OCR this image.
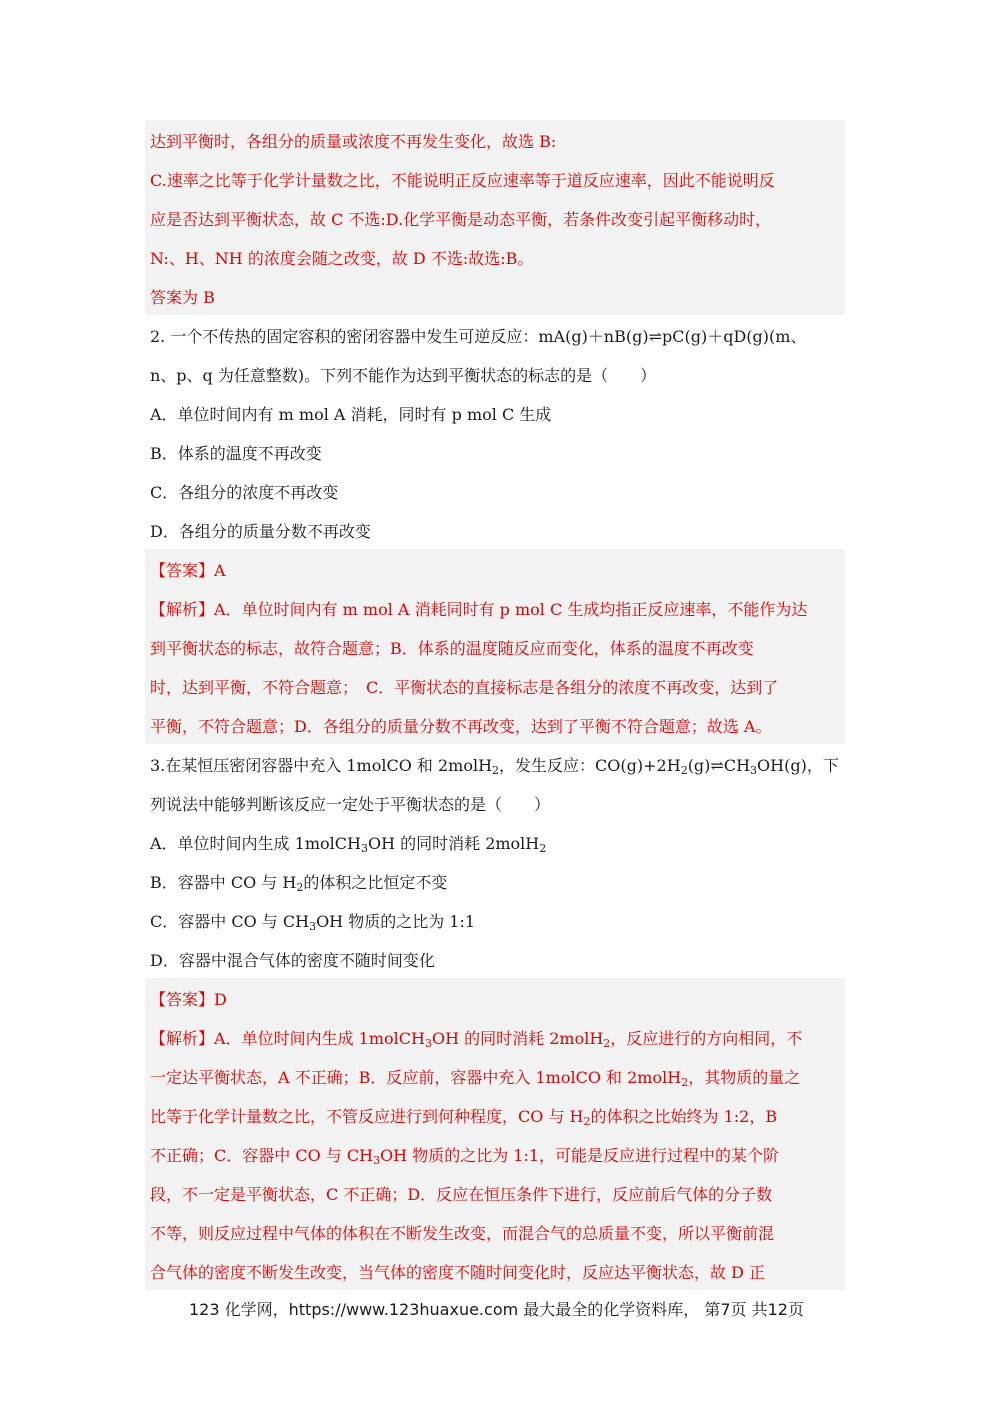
达到平衡时，各组分的质量或浓度不再发生变化，故选 B:
C.速率之比等于化学计量数之比，不能说明正反应速率等于道反应速率，因此不能说明反
应是否达到平衡状态，故 C 不选:D.化学平衡是动态平衡，若条件改变引起平衡移动时，
N:、H、NH 的浓度会随之改变，故 D 不选:故选:B。
答案为 B
2. 一个不传热的固定容积的密闭容器中发生可逆反应：mA(g)＋nB(g)⇌pC(g)＋qD(g)(m、
n、p、q 为任意整数)。下列不能作为达到平衡状态的标志的是（　　）
A．单位时间内有 m mol A 消耗，同时有 p mol C 生成
B．体系的温度不再改变
C．各组分的浓度不再改变
D．各组分的质量分数不再改变
【答案】A
【解析】A．单位时间内有 m mol A 消耗同时有 p mol C 生成均指正反应速率，不能作为达
到平衡状态的标志，故符合题意；B．体系的温度随反应而变化，体系的温度不再改变
时，达到平衡，不符合题意；　C．平衡状态的直接标志是各组分的浓度不再改变，达到了
平衡，不符合题意；D．各组分的质量分数不再改变，达到了平衡不符合题意；故选 A。
3.在某恒压密闭容器中充入 1molCO 和 2molH$_2$，发生反应：$CO(g)+2H_2(g)\rightleftharpoons CH_3OH(g)$，下
列说法中能够判断该反应一定处于平衡状态的是（　　）
A．单位时间内生成 1molCH$_3$OH 的同时消耗 2molH$_2$
B．容器中 CO 与 $H_2$的体积之比恒定不变
C．容器中 CO 与 $CH_3OH$ 物质的之比为 1:1
D．容器中混合气体的密度不随时间变化
【答案】D
【解析】A．单位时间内生成 1molCH$_3$OH 的同时消耗 2molH$_2$，反应进行的方向相同，不
一定达平衡状态，A 不正确；B．反应前，容器中充入 1molCO 和 2molH$_2$，其物质的量之
比等于化学计量数之比，不管反应进行到何种程度，CO 与 $H_2$的体积之比始终为 1:2，B
不正确；C．容器中 CO 与 $CH_3OH$ 物质的之比为 1:1，可能是反应进行过程中的某个阶
段，不一定是平衡状态，C 不正确；D．反应在恒压条件下进行，反应前后气体的分子数
不等，则反应过程中气体的体积在不断发生改变，而混合气的总质量不变，所以平衡前混
合气体的密度不断发生改变，当气体的密度不随时间变化时，反应达平衡状态，故 D 正
123 化学网，https://www.123huaxue.com 最大最全的化学资料库， 第7页 共12页
